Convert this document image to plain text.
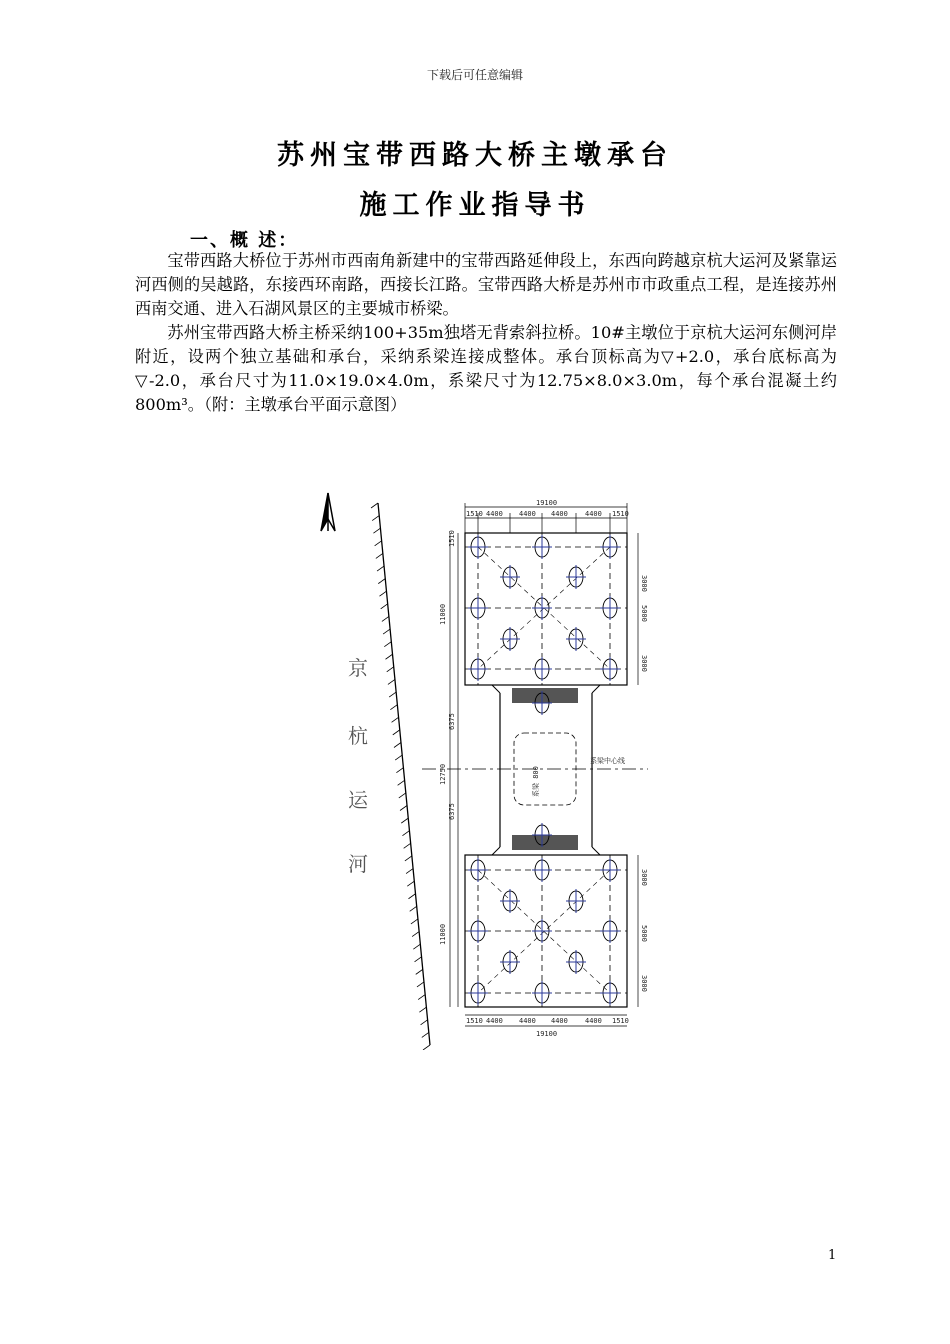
下载后可任意编辑
苏州宝带西路大桥主墩承台
施工作业指导书
一、概 述：

宝带西路大桥位于苏州市西南角新建中的宝带西路延伸段上，东西向跨越京杭大运河及紧靠运河西侧的吴越路，东接西环南路，西接长江路。宝带西路大桥是苏州市市政重点工程，是连接苏州西南交通、进入石湖风景区的主要城市桥梁。

苏州宝带西路大桥主桥采纳100+35m独塔无背索斜拉桥。10#主墩位于京杭大运河东侧河岸附近，设两个独立基础和承台，采纳系梁连接成整体。承台顶标高为▽+2.0，承台底标高为▽-2.0，承台尺寸为11.0×19.0×4.0m，系梁尺寸为12.75×8.0×3.0m，每个承台混凝土约800m³。（附：主墩承台平面示意图）

京
杭
运
河
19100
1510 4400 4400 4400 4400 1510
系梁中心线
系梁 800
1510
11000
6375
12750
6375
11000
3000
5000
3000
3000
5000
3000
19100
1510 4400 4400 4400 4400 1510
1
